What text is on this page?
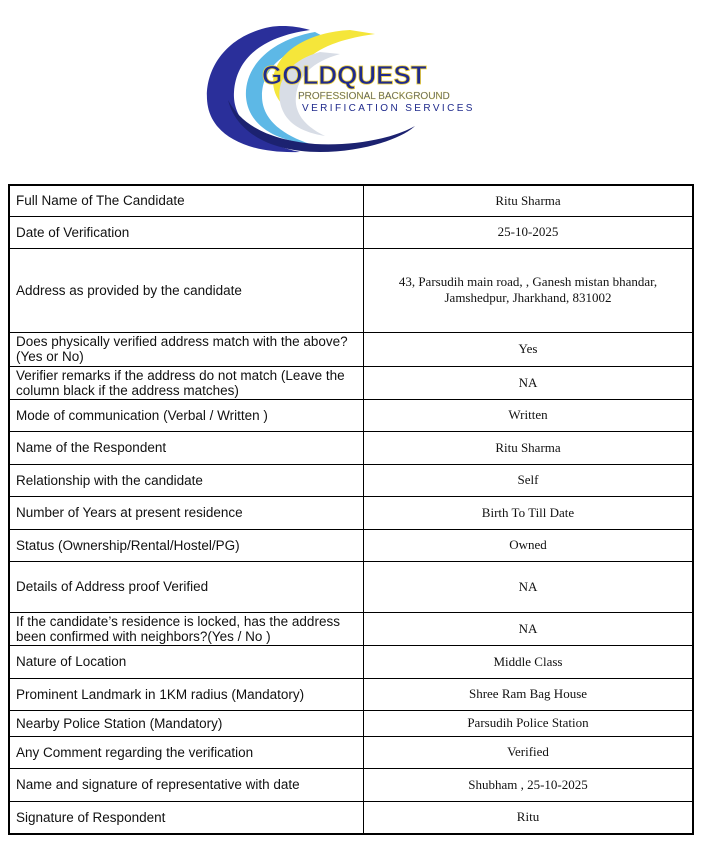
GOLDQUEST
PROFESSIONAL BACKGROUND
VERIFICATION SERVICES
Full Name of The Candidate	Ritu Sharma
Date of Verification	25-10-2025
Address as provided by the candidate	43, Parsudih main road, , Ganesh mistan bhandar, Jamshedpur, Jharkhand, 831002
Does physically verified address match with the above? (Yes or No)	Yes
Verifier remarks if the address do not match (Leave the column black if the address matches)	NA
Mode of communication (Verbal / Written )	Written
Name of the Respondent	Ritu Sharma
Relationship with the candidate	Self
Number of Years at present residence	Birth To Till Date
Status (Ownership/Rental/Hostel/PG)	Owned
Details of Address proof Verified	NA
If the candidate’s residence is locked, has the address been confirmed with neighbors?(Yes / No )	NA
Nature of Location	Middle Class
Prominent Landmark in 1KM radius (Mandatory)	Shree Ram Bag House
Nearby Police Station (Mandatory)	Parsudih Police Station
Any Comment regarding the verification	Verified
Name and signature of representative with date	Shubham , 25-10-2025
Signature of Respondent	Ritu
